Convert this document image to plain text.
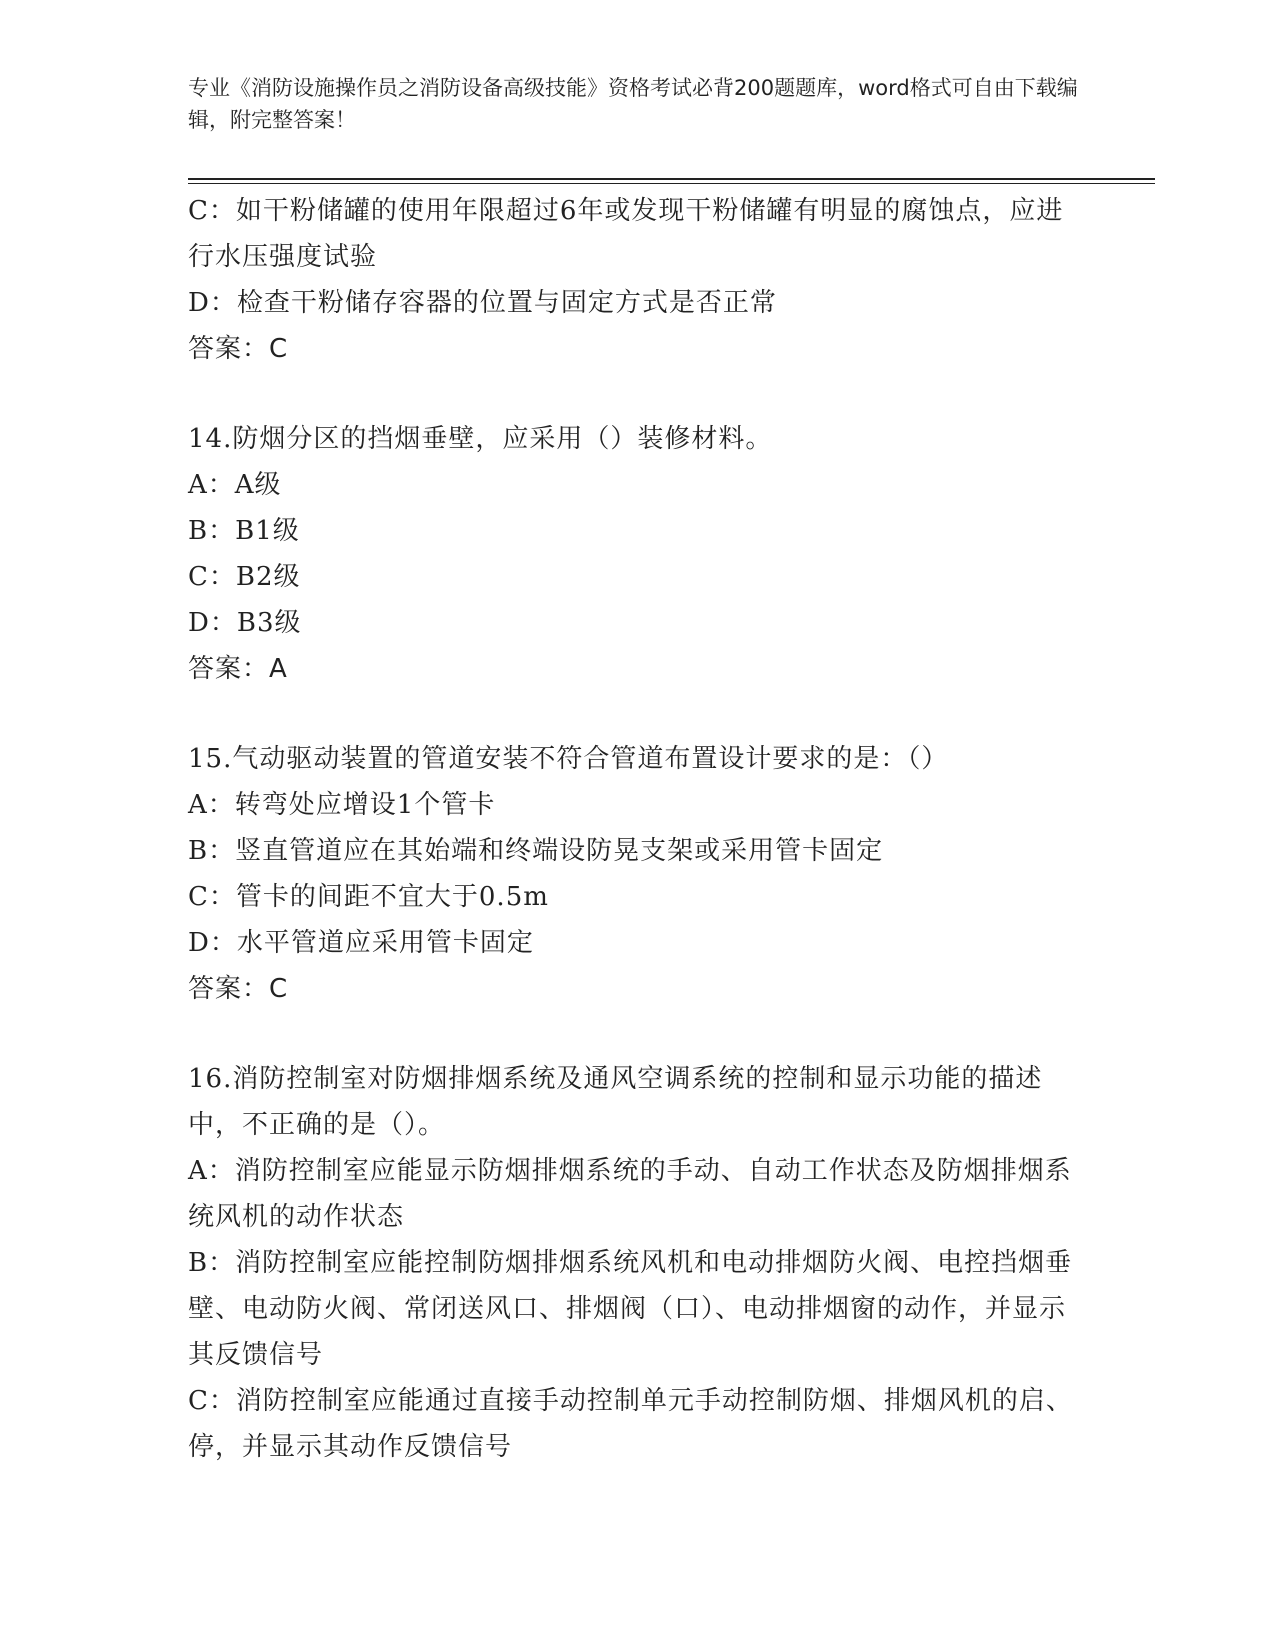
专业《消防设施操作员之消防设备高级技能》资格考试必背200题题库，word格式可自由下载编辑，附完整答案！
C：如干粉储罐的使用年限超过6年或发现干粉储罐有明显的腐蚀点，应进行水压强度试验
D：检查干粉储存容器的位置与固定方式是否正常
答案：C
14.防烟分区的挡烟垂壁，应采用（）装修材料。
A：A级
B：B1级
C：B2级
D：B3级
答案：A
15.气动驱动装置的管道安装不符合管道布置设计要求的是：（）
A：转弯处应增设1个管卡
B：竖直管道应在其始端和终端设防晃支架或采用管卡固定
C：管卡的间距不宜大于0.5m
D：水平管道应采用管卡固定
答案：C
16.消防控制室对防烟排烟系统及通风空调系统的控制和显示功能的描述中，不正确的是（）。
A：消防控制室应能显示防烟排烟系统的手动、自动工作状态及防烟排烟系统风机的动作状态
B：消防控制室应能控制防烟排烟系统风机和电动排烟防火阀、电控挡烟垂壁、电动防火阀、常闭送风口、排烟阀（口）、电动排烟窗的动作，并显示其反馈信号
C：消防控制室应能通过直接手动控制单元手动控制防烟、排烟风机的启、停，并显示其动作反馈信号
